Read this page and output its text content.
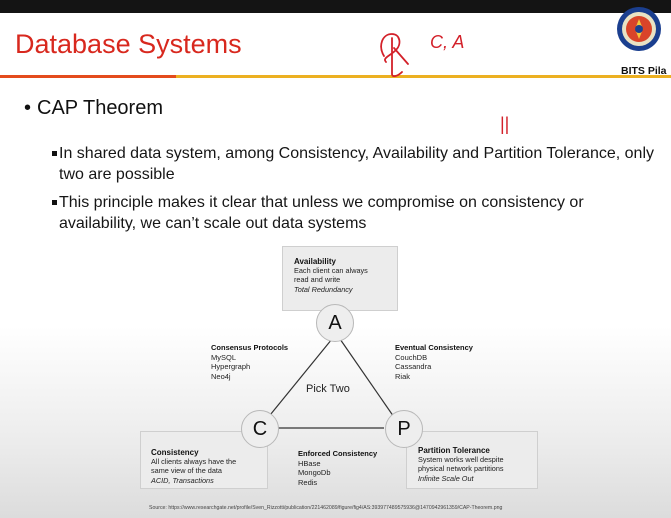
Database Systems
BITS Pila
C, A
||
• CAP Theorem
In shared data system, among Consistency, Availability and Partition Tolerance, only two are possible
This principle makes it clear that unless we compromise on consistency or availability, we can’t scale out data systems
Availability
Each client can always
read and write
Total Redundancy
Consistency
All clients always have the
same view of the data
ACID, Transactions
Partition Tolerance
System works well despite
physical network partitions
Infinite Scale Out
A
C	P
Pick Two
Consensus Protocols
MySQL
Hypergraph
Neo4j
Eventual Consistency
CouchDB
Cassandra
Riak
Enforced Consistency
HBase
MongoDb
Redis
Source: https://www.researchgate.net/profile/Sven_Rizzotti/publication/221462089/figure/fig4/AS:393977489575936@1470942961359/CAP-Theorem.png
